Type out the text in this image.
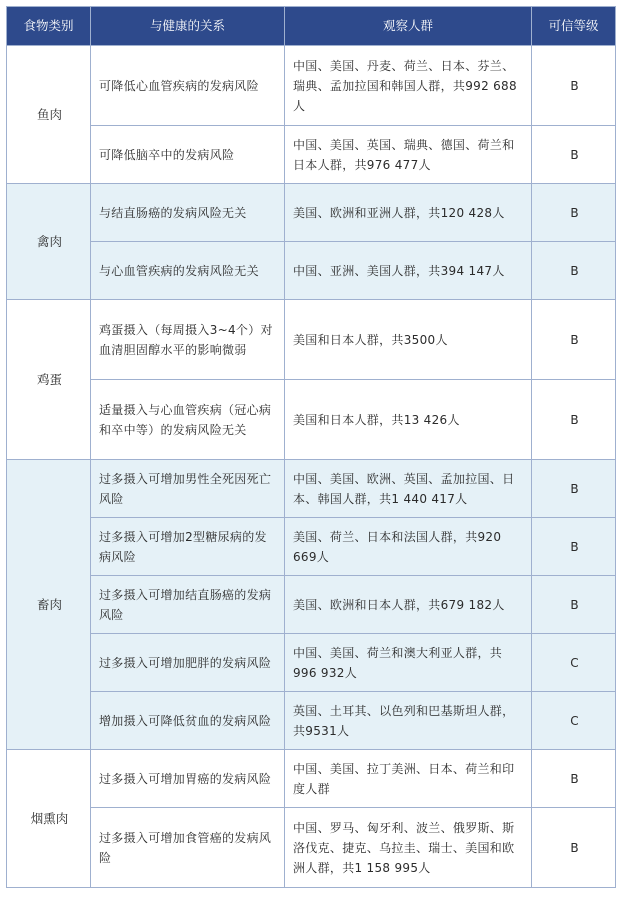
食物类别	与健康的关系	观察人群	可信等级
鱼肉	可降低心血管疾病的发病风险	中国、美国、丹麦、荷兰、日本、芬兰、瑞典、孟加拉国和韩国人群，共992 688人	B
	可降低脑卒中的发病风险	中国、美国、英国、瑞典、德国、荷兰和日本人群，共976 477人	B
禽肉	与结直肠癌的发病风险无关	美国、欧洲和亚洲人群，共120 428人	B
	与心血管疾病的发病风险无关	中国、亚洲、美国人群，共394 147人	B
鸡蛋	鸡蛋摄入（每周摄入3~4个）对血清胆固醇水平的影响微弱	美国和日本人群，共3500人	B
	适量摄入与心血管疾病（冠心病和卒中等）的发病风险无关	美国和日本人群，共13 426人	B
畜肉	过多摄入可增加男性全死因死亡风险	中国、美国、欧洲、英国、孟加拉国、日本、韩国人群，共1 440 417人	B
	过多摄入可增加2型糖尿病的发病风险	美国、荷兰、日本和法国人群，共920 669人	B
	过多摄入可增加结直肠癌的发病风险	美国、欧洲和日本人群，共679 182人	B
	过多摄入可增加肥胖的发病风险	中国、美国、荷兰和澳大利亚人群，共996 932人	C
	增加摄入可降低贫血的发病风险	英国、土耳其、以色列和巴基斯坦人群，共9531人	C
烟熏肉	过多摄入可增加胃癌的发病风险	中国、美国、拉丁美洲、日本、荷兰和印度人群	B
	过多摄入可增加食管癌的发病风险	中国、罗马、匈牙利、波兰、俄罗斯、斯洛伐克、捷克、乌拉圭、瑞士、美国和欧洲人群，共1 158 995人	B
